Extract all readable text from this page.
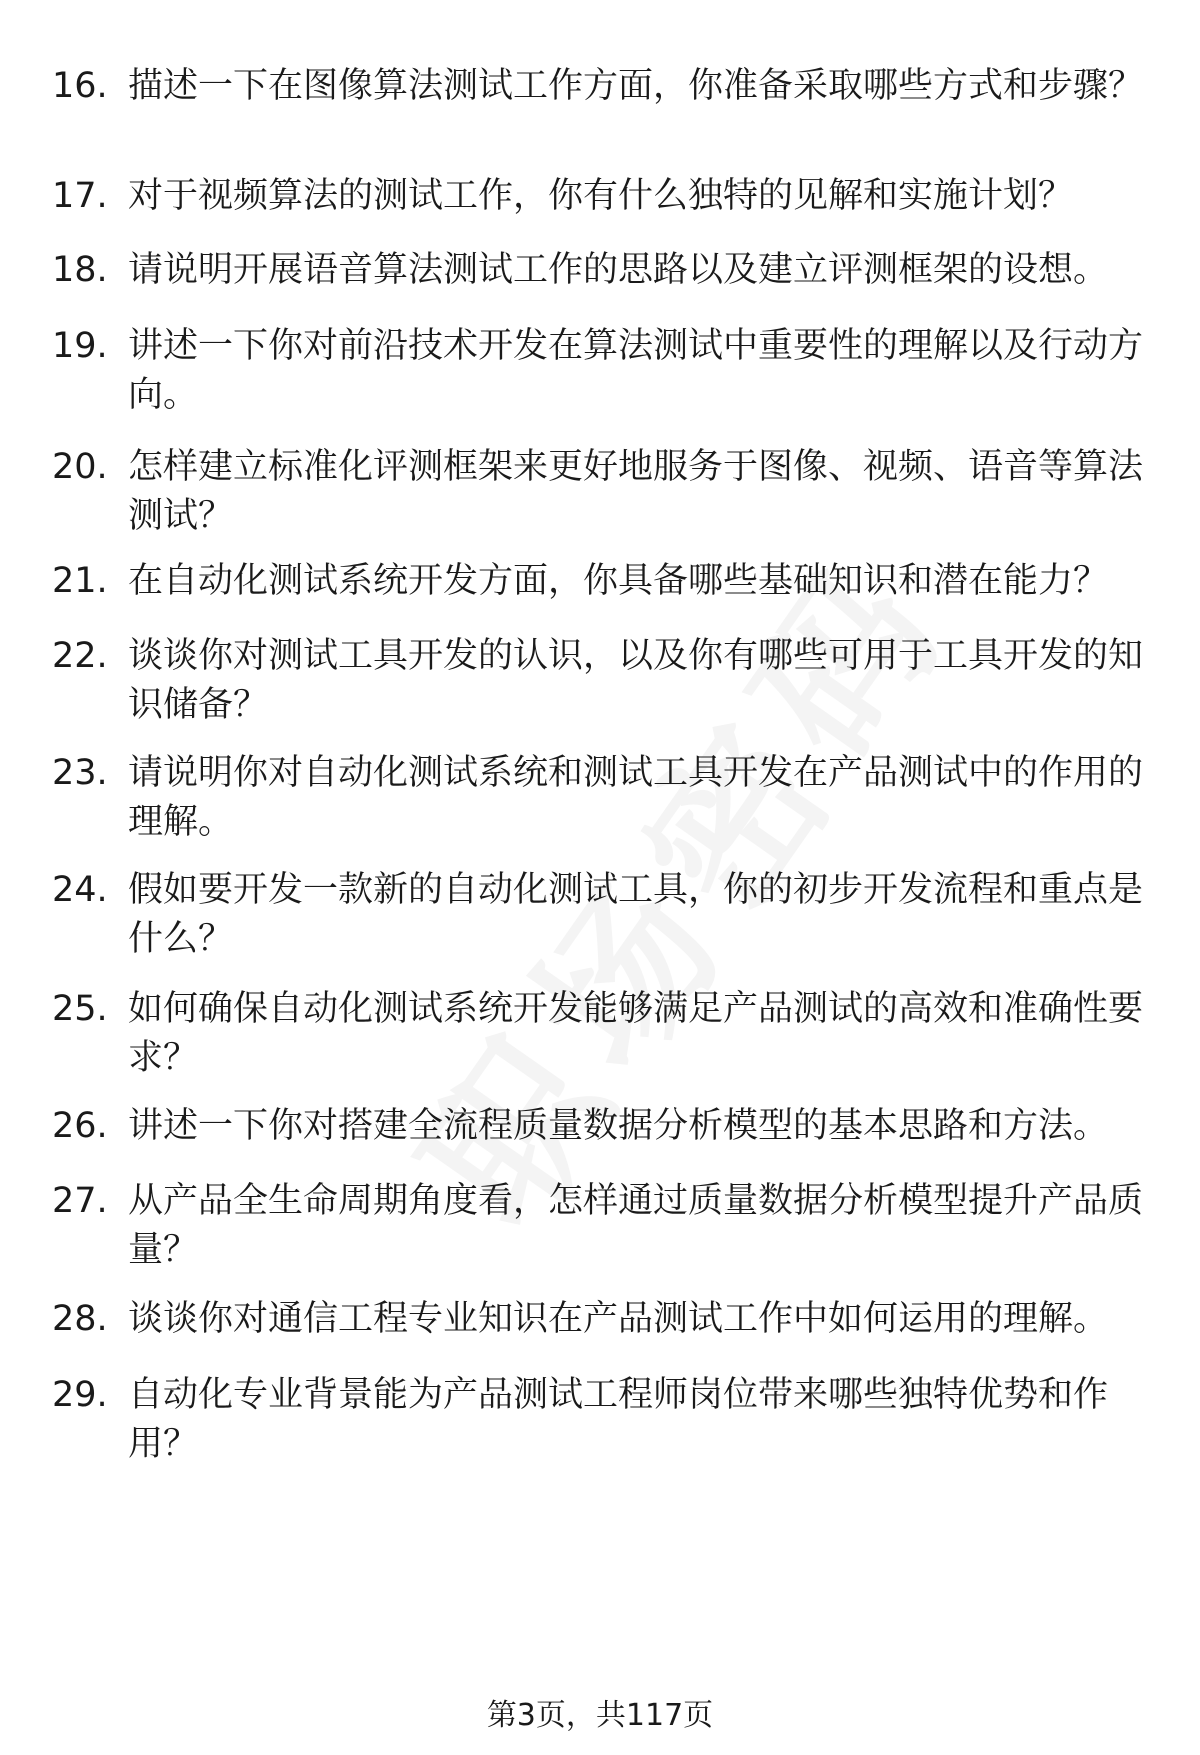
16. 描述一下在图像算法测试工作方面，你准备采取哪些方式和步骤？
17. 对于视频算法的测试工作，你有什么独特的见解和实施计划？
18. 请说明开展语音算法测试工作的思路以及建立评测框架的设想。
19. 讲述一下你对前沿技术开发在算法测试中重要性的理解以及行动方向。
20. 怎样建立标准化评测框架来更好地服务于图像、视频、语音等算法测试？
21. 在自动化测试系统开发方面，你具备哪些基础知识和潜在能力？
22. 谈谈你对测试工具开发的认识，以及你有哪些可用于工具开发的知识储备？
23. 请说明你对自动化测试系统和测试工具开发在产品测试中的作用的理解。
24. 假如要开发一款新的自动化测试工具，你的初步开发流程和重点是什么？
25. 如何确保自动化测试系统开发能够满足产品测试的高效和准确性要求？
26. 讲述一下你对搭建全流程质量数据分析模型的基本思路和方法。
27. 从产品全生命周期角度看，怎样通过质量数据分析模型提升产品质量？
28. 谈谈你对通信工程专业知识在产品测试工作中如何运用的理解。
29. 自动化专业背景能为产品测试工程师岗位带来哪些独特优势和作用？
第3页，共117页
